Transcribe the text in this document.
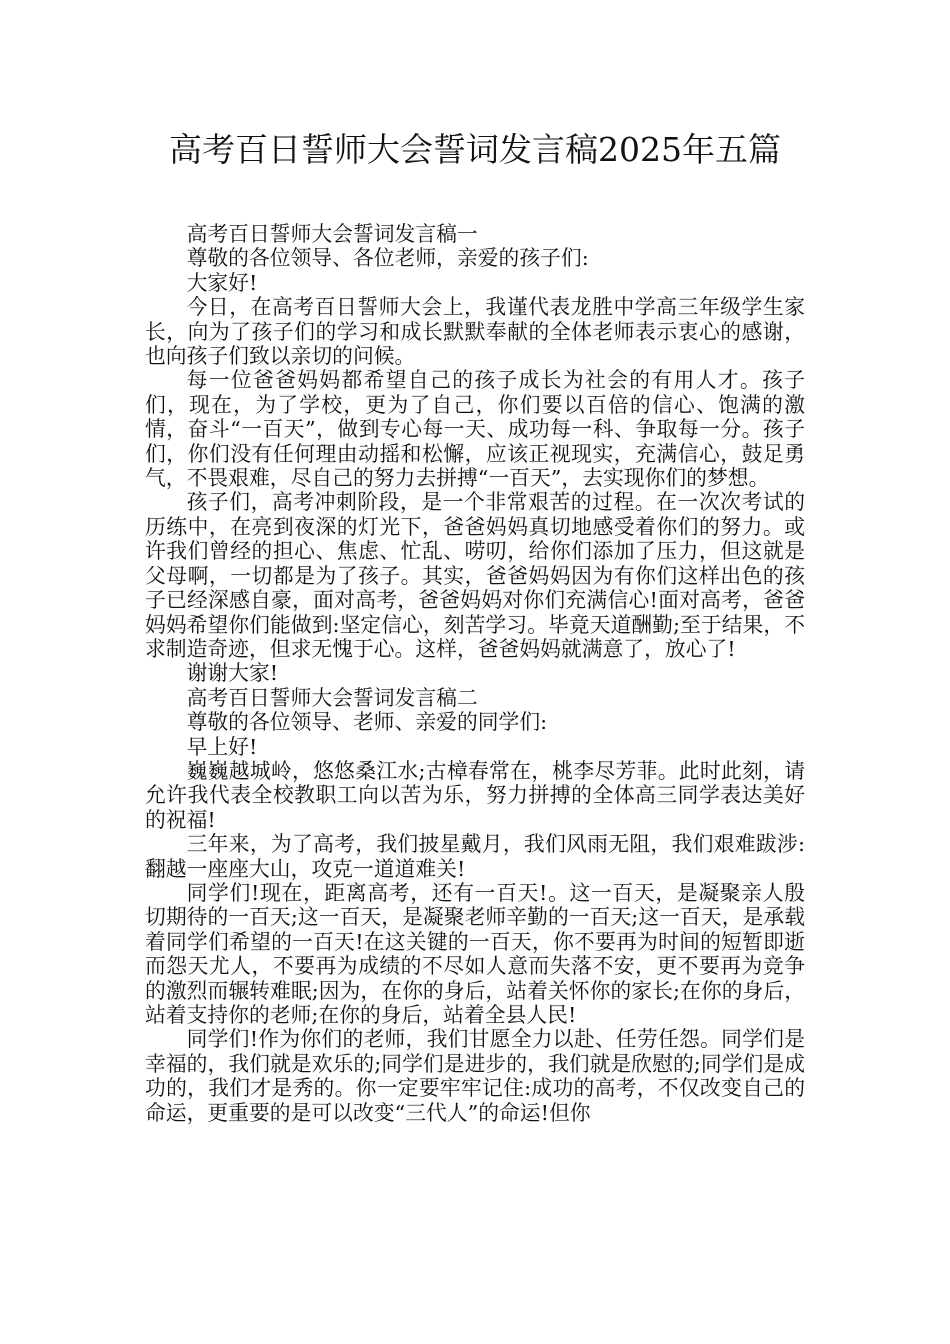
高考百日誓师大会誓词发言稿2025年五篇

高考百日誓师大会誓词发言稿一

尊敬的各位领导、各位老师，亲爱的孩子们:

大家好!

今日，在高考百日誓师大会上，我谨代表龙胜中学高三年级学生家长，向为了孩子们的学习和成长默默奉献的全体老师表示衷心的感谢，也向孩子们致以亲切的问候。

每一位爸爸妈妈都希望自己的孩子成长为社会的有用人才。孩子们，现在，为了学校，更为了自己，你们要以百倍的信心、饱满的激情，奋斗“一百天”，做到专心每一天、成功每一科、争取每一分。孩子们，你们没有任何理由动摇和松懈，应该正视现实，充满信心，鼓足勇气，不畏艰难，尽自己的努力去拼搏“一百天”，去实现你们的梦想。

孩子们，高考冲刺阶段，是一个非常艰苦的过程。在一次次考试的历练中，在亮到夜深的灯光下，爸爸妈妈真切地感受着你们的努力。或许我们曾经的担心、焦虑、忙乱、唠叨，给你们添加了压力，但这就是父母啊，一切都是为了孩子。其实，爸爸妈妈因为有你们这样出色的孩子已经深感自豪，面对高考，爸爸妈妈对你们充满信心!面对高考，爸爸妈妈希望你们能做到:坚定信心，刻苦学习。毕竟天道酬勤;至于结果，不求制造奇迹，但求无愧于心。这样，爸爸妈妈就满意了，放心了!

谢谢大家!

高考百日誓师大会誓词发言稿二

尊敬的各位领导、老师、亲爱的同学们:

早上好!

巍巍越城岭，悠悠桑江水;古樟春常在，桃李尽芳菲。此时此刻，请允许我代表全校教职工向以苦为乐，努力拼搏的全体高三同学表达美好的祝福!

三年来，为了高考，我们披星戴月，我们风雨无阻，我们艰难跋涉:翻越一座座大山，攻克一道道难关!

同学们!现在，距离高考，还有一百天!。这一百天，是凝聚亲人殷切期待的一百天;这一百天，是凝聚老师辛勤的一百天;这一百天，是承载着同学们希望的一百天!在这关键的一百天，你不要再为时间的短暂即逝而怨天尤人，不要再为成绩的不尽如人意而失落不安，更不要再为竞争的激烈而辗转难眠;因为，在你的身后，站着关怀你的家长;在你的身后，站着支持你的老师;在你的身后，站着全县人民!

同学们!作为你们的老师，我们甘愿全力以赴、任劳任怨。同学们是幸福的，我们就是欢乐的;同学们是进步的，我们就是欣慰的;同学们是成功的，我们才是秀的。你一定要牢牢记住:成功的高考，不仅改变自己的命运，更重要的是可以改变“三代人”的命运!但你
